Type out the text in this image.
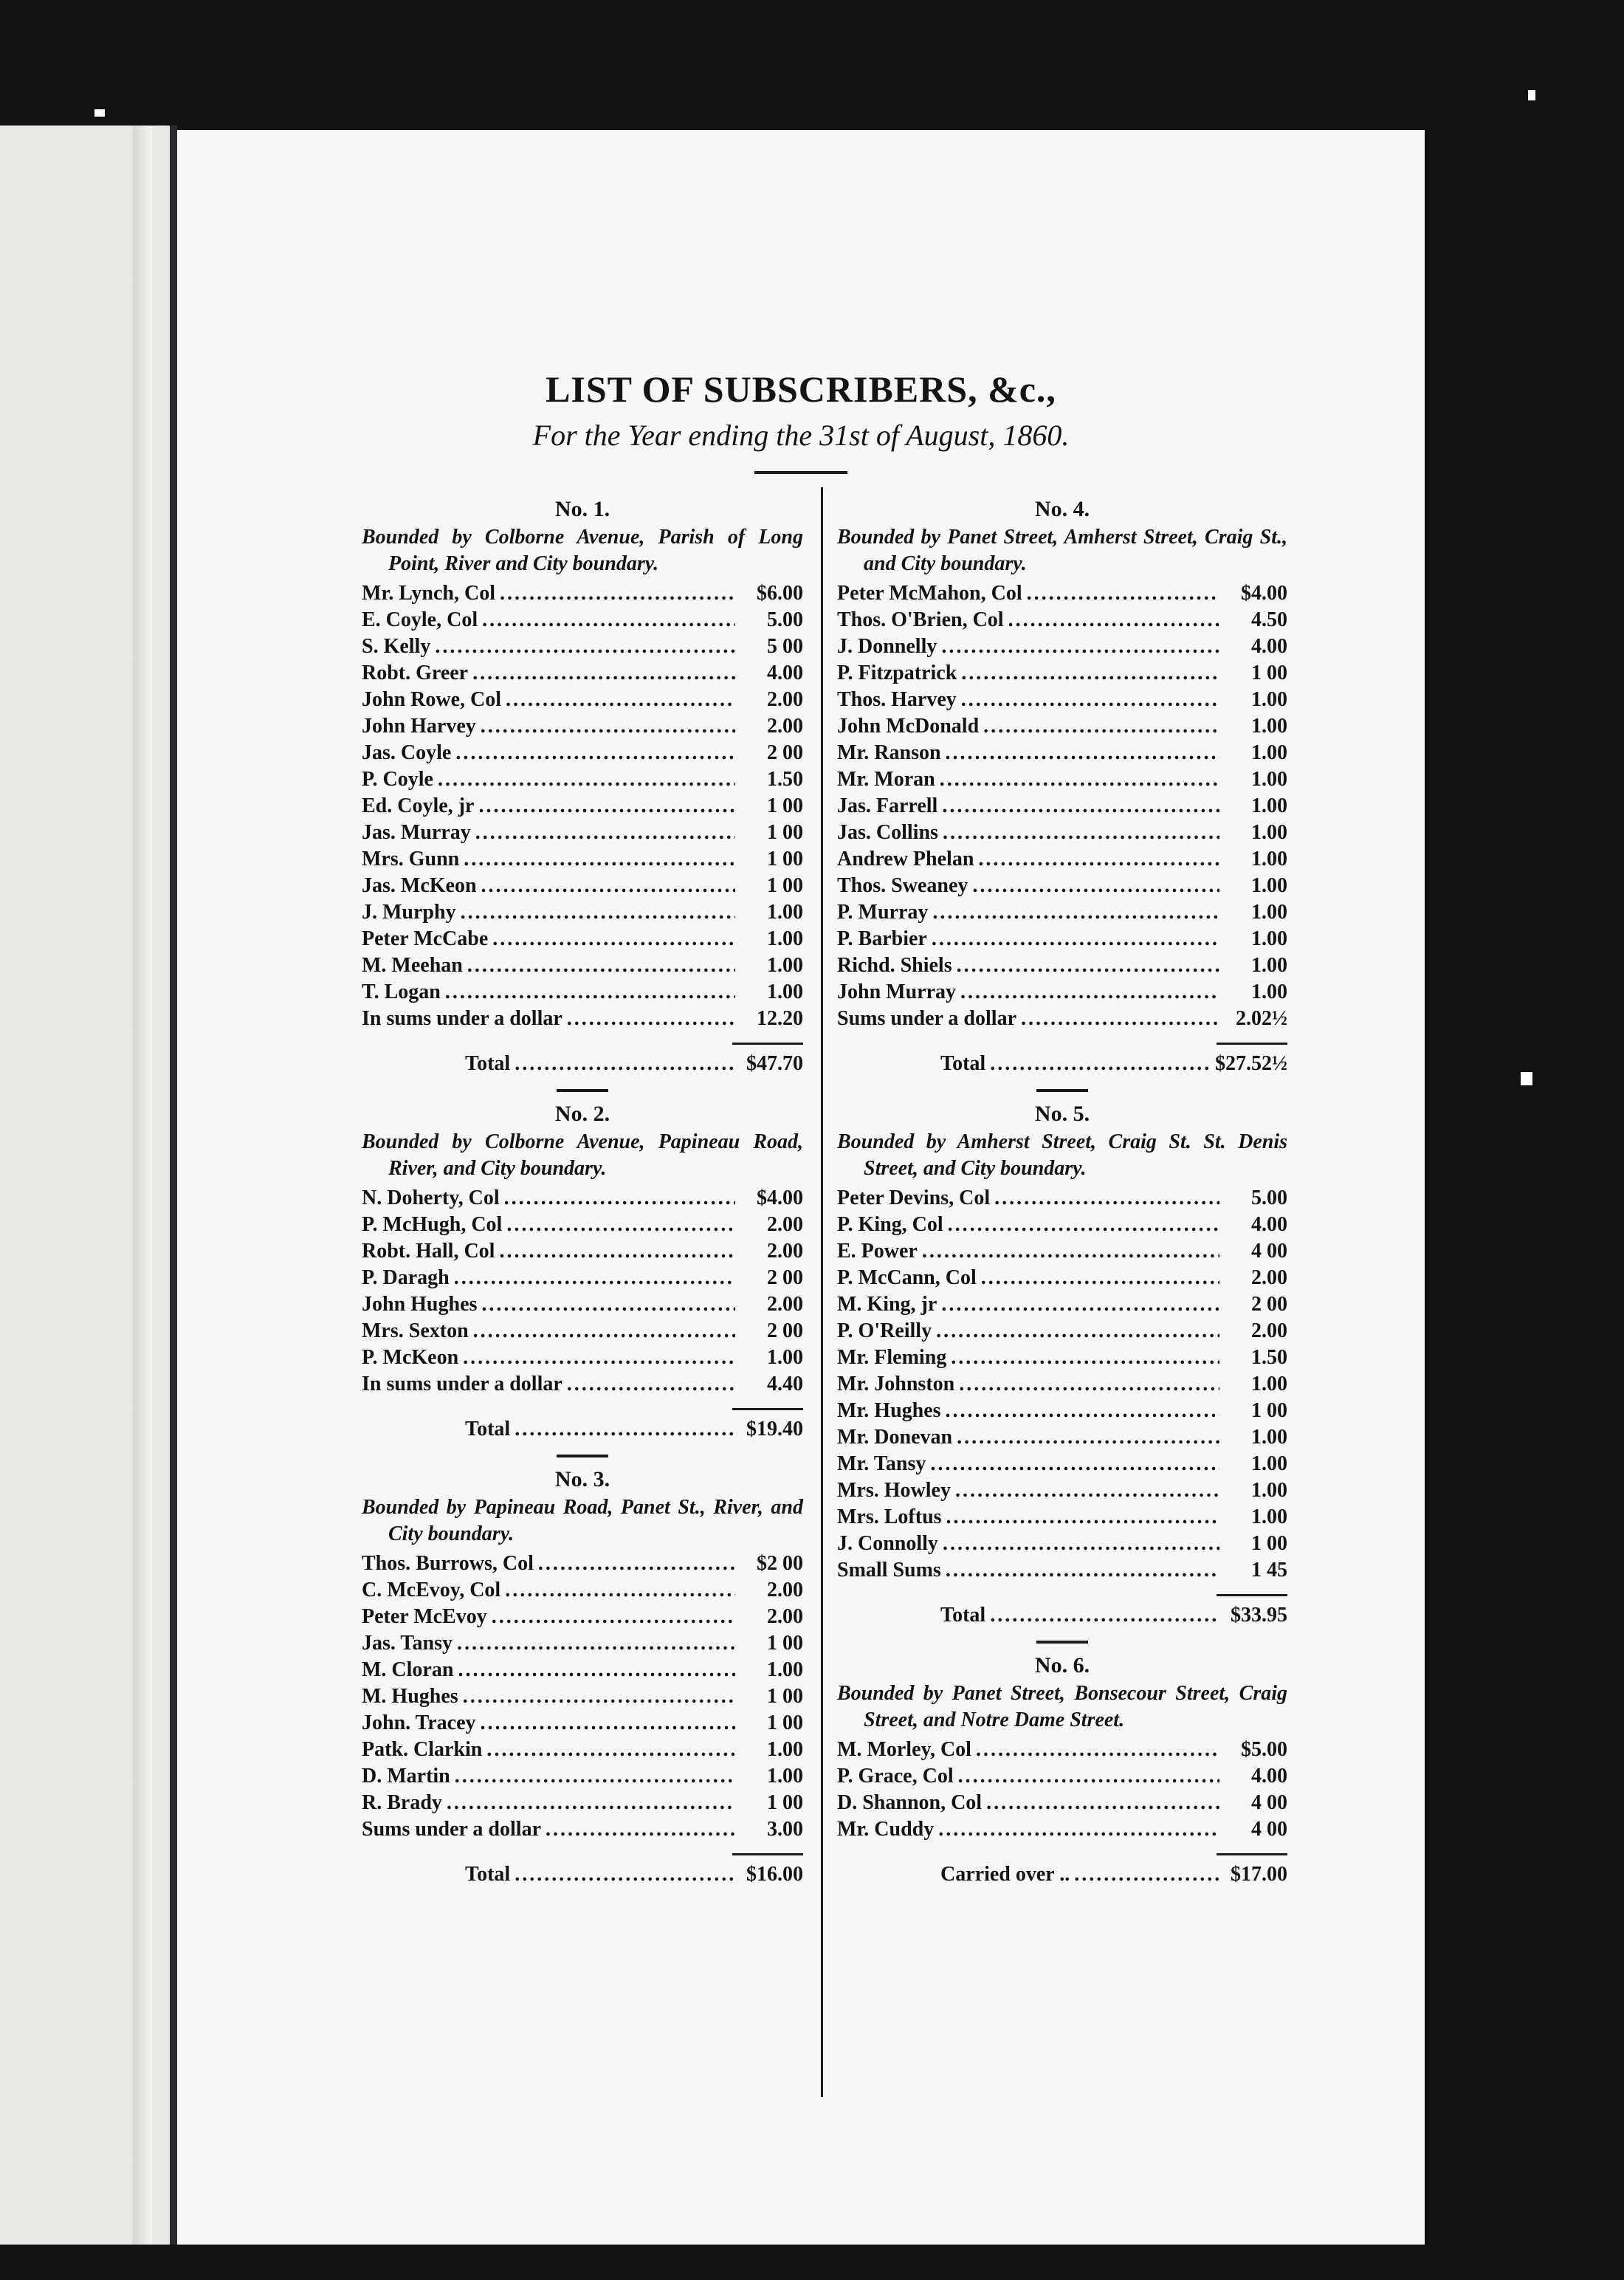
LIST OF SUBSCRIBERS, &c.,

For the Year ending the 31st of August, 1860.

No. 1.
Bounded by Colborne Avenue, Parish of Long Point, River and City boundary.
Mr. Lynch, Col .....	$6.00
E. Coyle, Col .....	5.00
S. Kelly .....	5 00
Robt. Greer .....	4.00
John Rowe, Col .....	2.00
John Harvey .....	2.00
Jas. Coyle .....	2 00
P. Coyle .....	1.50
Ed. Coyle, jr .....	1 00
Jas. Murray .....	1 00
Mrs. Gunn .....	1 00
Jas. McKeon .....	1 00
J. Murphy .....	1.00
Peter McCabe .....	1.00
M. Meehan .....	1.00
T. Logan .....	1.00
In sums under a dollar .....	12.20
Total .....	$47.70
No. 2.
Bounded by Colborne Avenue, Papineau Road, River, and City boundary.
N. Doherty, Col .....	$4.00
P. McHugh, Col .....	2.00
Robt. Hall, Col .....	2.00
P. Daragh .....	2 00
John Hughes .....	2.00
Mrs. Sexton .....	2 00
P. McKeon .....	1.00
In sums under a dollar .....	4.40
Total .....	$19.40
No. 3.
Bounded by Papineau Road, Panet St., River, and City boundary.
Thos. Burrows, Col .....	$2 00
C. McEvoy, Col .....	2.00
Peter McEvoy .....	2.00
Jas. Tansy .....	1 00
M. Cloran .....	1.00
M. Hughes .....	1 00
John. Tracey .....	1 00
Patk. Clarkin .....	1.00
D. Martin .....	1.00
R. Brady .....	1 00
Sums under a dollar .....	3.00
Total .....	$16.00
No. 4.
Bounded by Panet Street, Amherst Street, Craig St., and City boundary.
Peter McMahon, Col .....	$4.00
Thos. O'Brien, Col .....	4.50
J. Donnelly .....	4.00
P. Fitzpatrick .....	1 00
Thos. Harvey .....	1.00
John McDonald .....	1.00
Mr. Ranson .....	1.00
Mr. Moran .....	1.00
Jas. Farrell .....	1.00
Jas. Collins .....	1.00
Andrew Phelan .....	1.00
Thos. Sweaney .....	1.00
P. Murray .....	1.00
P. Barbier .....	1.00
Richd. Shiels .....	1.00
John Murray .....	1.00
Sums under a dollar .....	2.02½
Total .....	$27.52½
No. 5.
Bounded by Amherst Street, Craig St. St. Denis Street, and City boundary.
Peter Devins, Col .....	5.00
P. King, Col .....	4.00
E. Power .....	4 00
P. McCann, Col .....	2.00
M. King, jr .....	2 00
P. O'Reilly .....	2.00
Mr. Fleming .....	1.50
Mr. Johnston .....	1.00
Mr. Hughes .....	1 00
Mr. Donevan .....	1.00
Mr. Tansy .....	1.00
Mrs. Howley .....	1.00
Mrs. Loftus .....	1.00
J. Connolly .....	1 00
Small Sums .....	1 45
Total .....	$33.95
No. 6.
Bounded by Panet Street, Bonsecour Street, Craig Street, and Notre Dame Street.
M. Morley, Col .....	$5.00
P. Grace, Col .....	4.00
D. Shannon, Col .....	4 00
Mr. Cuddy .....	4 00
Carried over .. .....	$17.00
